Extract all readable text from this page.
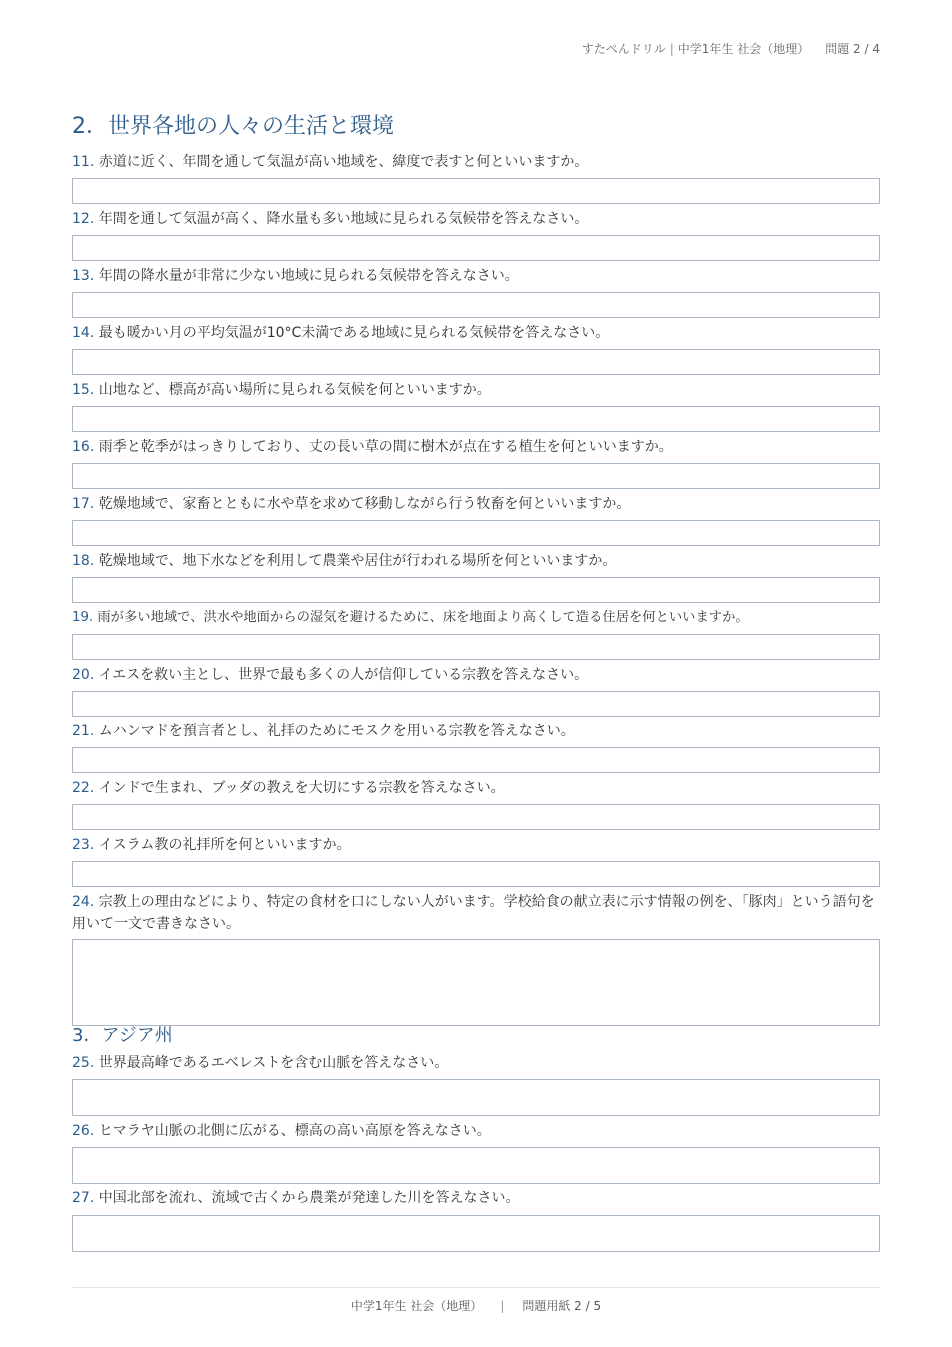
すたぺんドリル | 中学1年生 社会（地理） 問題 2 / 4
2．世界各地の人々の生活と環境
11. 赤道に近く、年間を通して気温が高い地域を、緯度で表すと何といいますか。
12. 年間を通して気温が高く、降水量も多い地域に見られる気候帯を答えなさい。
13. 年間の降水量が非常に少ない地域に見られる気候帯を答えなさい。
14. 最も暖かい月の平均気温が10°C未満である地域に見られる気候帯を答えなさい。
15. 山地など、標高が高い場所に見られる気候を何といいますか。
16. 雨季と乾季がはっきりしており、丈の長い草の間に樹木が点在する植生を何といいますか。
17. 乾燥地域で、家畜とともに水や草を求めて移動しながら行う牧畜を何といいますか。
18. 乾燥地域で、地下水などを利用して農業や居住が行われる場所を何といいますか。
19. 雨が多い地域で、洪水や地面からの湿気を避けるために、床を地面より高くして造る住居を何といいますか。
20. イエスを救い主とし、世界で最も多くの人が信仰している宗教を答えなさい。
21. ムハンマドを預言者とし、礼拝のためにモスクを用いる宗教を答えなさい。
22. インドで生まれ、ブッダの教えを大切にする宗教を答えなさい。
23. イスラム教の礼拝所を何といいますか。
24. 宗教上の理由などにより、特定の食材を口にしない人がいます。学校給食の献立表に示す情報の例を、「豚肉」という語句を用いて一文で書きなさい。
3．アジア州
25. 世界最高峰であるエベレストを含む山脈を答えなさい。
26. ヒマラヤ山脈の北側に広がる、標高の高い高原を答えなさい。
27. 中国北部を流れ、流域で古くから農業が発達した川を答えなさい。
中学1年生 社会（地理） | 問題用紙 2 / 5
